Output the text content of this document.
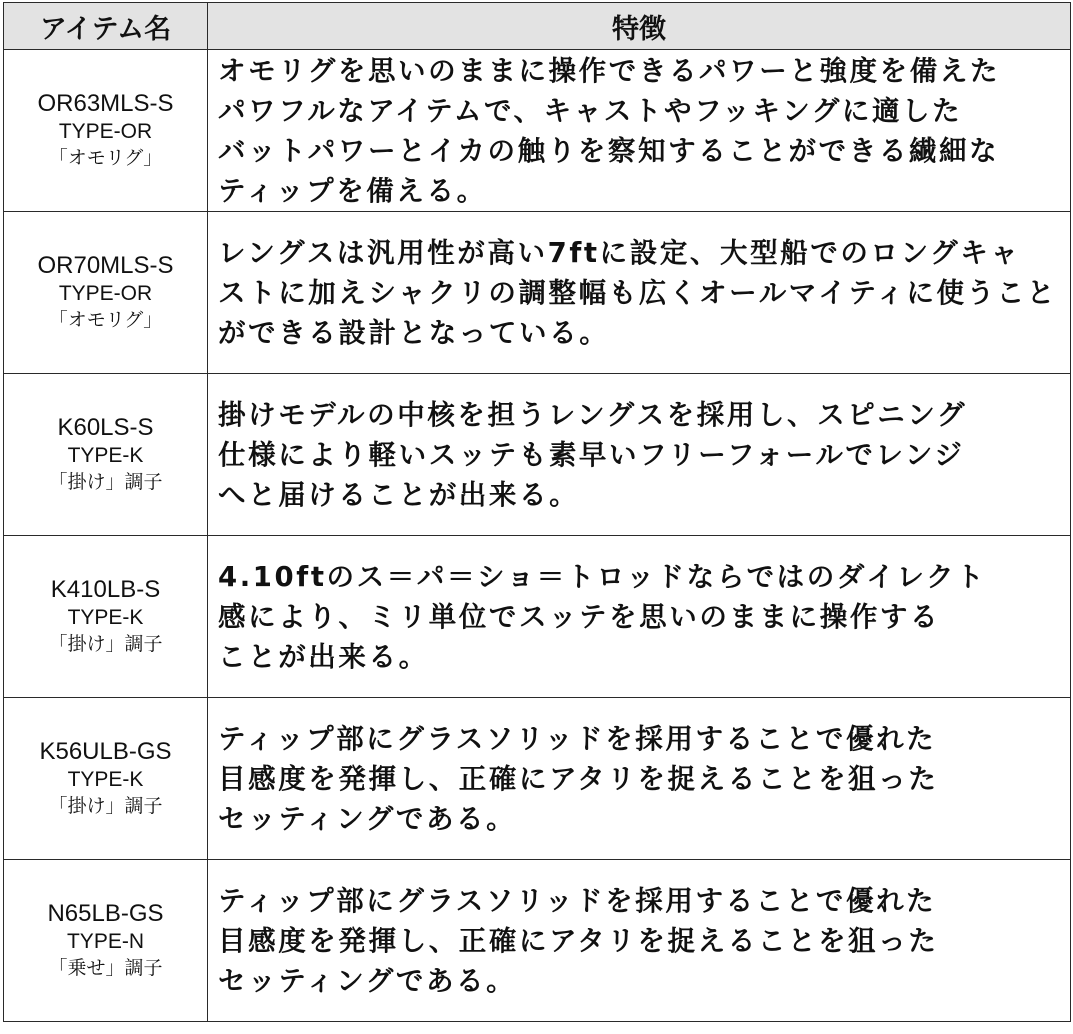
アイテム名	特徴

OR63MLS-S
TYPE-OR
「オモリグ」	オモリグを思いのままに操作できるパワーと強度を備えた
パワフルなアイテムで、キャストやフッキングに適した
バットパワーとイカの触りを察知することができる繊細な
ティップを備える。

OR70MLS-S
TYPE-OR
「オモリグ」	レングスは汎用性が高い7ftに設定、大型船でのロングキャ
ストに加えシャクリの調整幅も広くオールマイティに使うこと
ができる設計となっている。

K60LS-S
TYPE-K
「掛け」調子	掛けモデルの中核を担うレングスを採用し、スピニング
仕様により軽いスッテも素早いフリーフォールでレンジ
へと届けることが出来る。

K410LB-S
TYPE-K
「掛け」調子	4.10ftのス＝パ＝ショ＝トロッドならではのダイレクト
感により、ミリ単位でスッテを思いのままに操作する
ことが出来る。

K56ULB-GS
TYPE-K
「掛け」調子	ティップ部にグラスソリッドを採用することで優れた
目感度を発揮し、正確にアタリを捉えることを狙った
セッティングである。

N65LB-GS
TYPE-N
「乗せ」調子	ティップ部にグラスソリッドを採用することで優れた
目感度を発揮し、正確にアタリを捉えることを狙った
セッティングである。
